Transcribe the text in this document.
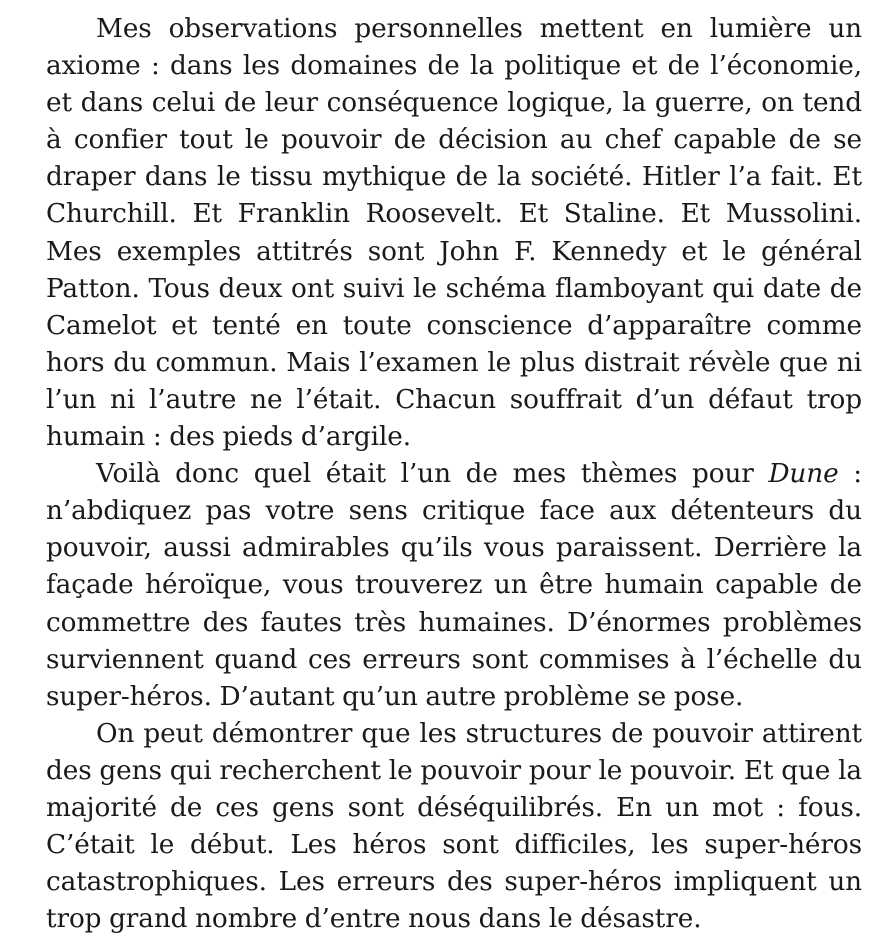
Mes observations personnelles mettent en lumière un axiome : dans les domaines de la politique et de l’économie, et dans celui de leur conséquence logique, la guerre, on tend à confier tout le pouvoir de décision au chef capable de se draper dans le tissu mythique de la société. Hitler l’a fait. Et Churchill. Et Franklin Roosevelt. Et Staline. Et Mussolini. Mes exemples attitrés sont John F. Kennedy et le général Patton. Tous deux ont suivi le schéma flamboyant qui date de Camelot et tenté en toute conscience d’apparaître comme hors du commun. Mais l’examen le plus distrait révèle que ni l’un ni l’autre ne l’était. Chacun souffrait d’un défaut trop humain : des pieds d’argile.

Voilà donc quel était l’un de mes thèmes pour Dune : n’abdiquez pas votre sens critique face aux détenteurs du pouvoir, aussi admirables qu’ils vous paraissent. Derrière la façade héroïque, vous trouverez un être humain capable de commettre des fautes très humaines. D’énormes problèmes surviennent quand ces erreurs sont commises à l’échelle du super-héros. D’autant qu’un autre problème se pose.

On peut démontrer que les structures de pouvoir attirent des gens qui recherchent le pouvoir pour le pouvoir. Et que la majorité de ces gens sont déséquilibrés. En un mot : fous. C’était le début. Les héros sont difficiles, les super-héros catastrophiques. Les erreurs des super-héros impliquent un trop grand nombre d’entre nous dans le désastre.
